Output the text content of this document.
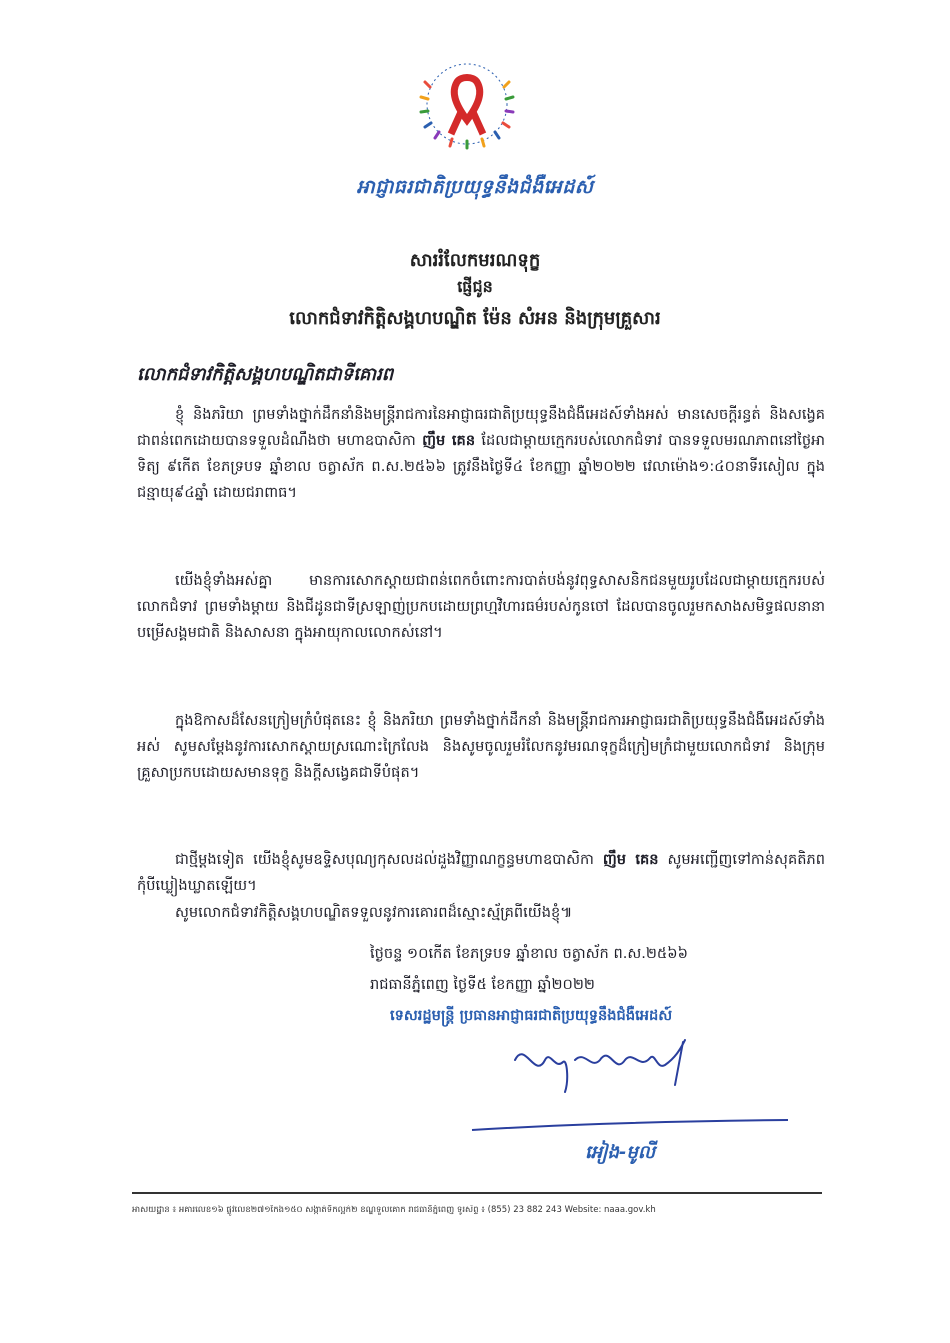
អាជ្ញាធរជាតិប្រយុទ្ធនឹងជំងឺអេដស៍
សាររំលែកមរណទុក្ខ
ផ្ញើជូន
លោកជំទាវកិត្តិសង្គហបណ្ឌិត ម៉ែន សំអន និងក្រុមគ្រួសារ
លោកជំទាវកិត្តិសង្គហបណ្ឌិតជាទីគោរព
ខ្ញុំ និងភរិយា ព្រមទាំងថ្នាក់ដឹកនាំនិងមន្ត្រីរាជការនៃអាជ្ញាធរជាតិប្រយុទ្ធនឹងជំងឺអេដស៍ទាំងអស់ មានសេចក្តីរន្ធត់ និងសង្វេគជាពន់ពេកដោយបានទទួលដំណឹងថា មហាឧបាសិកា ញឹម គេន ដែលជាម្តាយក្មេករបស់លោកជំទាវ បានទទួលមរណភាពនៅថ្ងៃអាទិត្យ ៩កើត ខែភទ្របទ ឆ្នាំខាល ចត្វាស័ក ព.ស.២៥៦៦ ត្រូវនឹងថ្ងៃទី៤ ខែកញ្ញា ឆ្នាំ២០២២ វេលាម៉ោង១:៤០នាទីរសៀល ក្នុងជន្មាយុ៩៤ឆ្នាំ ដោយជរាពាធ។
យើងខ្ញុំទាំងអស់គ្នា មានការសោកស្តាយជាពន់ពេកចំពោះការបាត់បង់នូវពុទ្ធសាសនិកជនមួយរូបដែលជាម្តាយក្មេករបស់លោកជំទាវ ព្រមទាំងម្តាយ និងជីដូនជាទីស្រឡាញ់ប្រកបដោយព្រហ្មវិហារធម៌របស់កូនចៅ ដែលបានចូលរួមកសាងសមិទ្ធផលនានាបម្រើសង្គមជាតិ និងសាសនា ក្នុងអាយុកាលលោកស់នៅ។
ក្នុងឱកាសដ៏សែនក្រៀមក្រំបំផុតនេះ ខ្ញុំ និងភរិយា ព្រមទាំងថ្នាក់ដឹកនាំ និងមន្ត្រីរាជការអាជ្ញាធរជាតិប្រយុទ្ធនឹងជំងឺអេដស៍ទាំងអស់ សូមសម្តែងនូវការសោកស្តាយស្រណោះក្រៃលែង និងសូមចូលរួមរំលែកនូវមរណទុក្ខដ៏ក្រៀមក្រំជាមួយលោកជំទាវ និងក្រុមគ្រួសាប្រកបដោយសមានទុក្ខ និងក្តីសង្វេគជាទីបំផុត។
ជាថ្មីម្តងទៀត យើងខ្ញុំសូមឧទ្ទិសបុណ្យកុសលដល់ដួងវិញ្ញាណក្ខន្ធមហាឧបាសិកា ញឹម គេន សូមអញ្ជើញទៅកាន់សុគតិភព កុំបីឃ្លៀងឃ្លាតឡើយ។
សូមលោកជំទាវកិត្តិសង្គហបណ្ឌិតទទួលនូវការគោរពដ៏ស្មោះស្ម័គ្រពីយើងខ្ញុំ៕
ថ្ងៃចន្ទ ១០កើត ខែភទ្របទ ឆ្នាំខាល ចត្វាស័ក ព.ស.២៥៦៦
រាជធានីភ្នំពេញ ថ្ងៃទី៥ ខែកញ្ញា ឆ្នាំ២០២២
ទេសរដ្ឋមន្ត្រី ប្រធានអាជ្ញាធរជាតិប្រយុទ្ធនឹងជំងឺអេដស៍
អៀង-មូលី
អាសយដ្ឋាន ៖ អគារលេខ១៦ ផ្លូវលេខ២៧១កែង១៥០ សង្កាត់ទឹកល្អក់២ ខណ្ឌទួលគោក រាជធានីភ្នំពេញ ទូរស័ព្ទ ៖ (855) 23 882 243 Website: naaa.gov.kh
